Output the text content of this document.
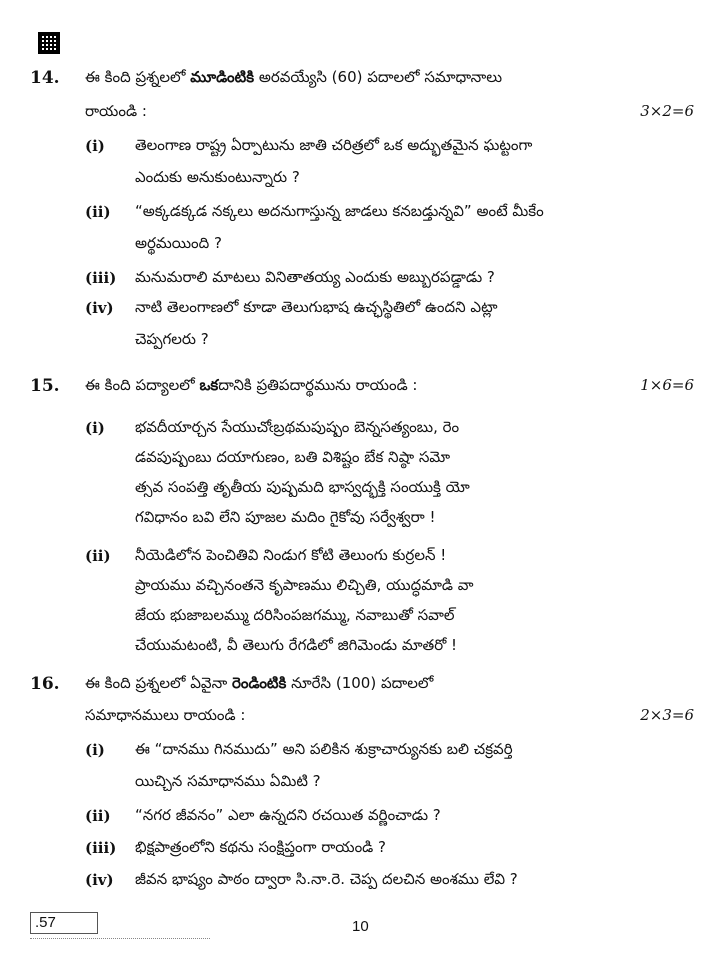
14. ఈ కింది ప్రశ్నలలో మూడింటికి అరవయ్యేసి (60) పదాలలో సమాధానాలు
రాయండి :	3×2=6
(i) తెలంగాణ రాష్ట్ర ఏర్పాటును జాతి చరిత్రలో ఒక అద్భుతమైన ఘట్టంగా
ఎందుకు అనుకుంటున్నారు ?
(ii) “అక్కడక్కడ నక్కలు అదనుగాస్తున్న జాడలు కనబడ్తున్నవి” అంటే మీకేం
అర్థమయింది ?
(iii) మనుమరాలి మాటలు వినితాతయ్య ఎందుకు అబ్బురపడ్డాడు ?
(iv) నాటి తెలంగాణలో కూడా తెలుగుభాష ఉచ్ఛస్థితిలో ఉందని ఎట్లా
చెప్పగలరు ?
15. ఈ కింది పద్యాలలో ఒకదానికి ప్రతిపదార్థమును రాయండి :	1×6=6
(i) భవదీయార్చన సేయుచోఁబ్రథమపుష్పం బెన్నసత్యంబు, రెం
డవపుష్పంబు దయాగుణం, బతి విశిష్టం బేక నిష్ఠా సమో
త్సవ సంపత్తి తృతీయ పుష్పమది భాస్వద్భక్తి సంయుక్తి యో
గవిధానం బవి లేని పూజల మదిం గైకోవు సర్వేశ్వరా !
(ii) నీయెడిలోన పెంచితివి నిండుగ కోటి తెలుంగు కుర్రలన్ !
ప్రాయము వచ్చినంతనె కృపాణము లిచ్చితి, యుద్ధమాడి వా
జేయ భుజాబలమ్ము దరిసింపజగమ్ము, నవాబుతో సవాల్
చేయుమటంటి, వీ తెలుగు రేగడిలో జిగిమెండు మాతరో !
16. ఈ కింది ప్రశ్నలలో ఏవైనా రెండింటికి నూరేసి (100) పదాలలో
సమాధానములు రాయండి :	2×3=6
(i) ఈ “దానము గినముదు” అని పలికిన శుక్రాచార్యునకు బలి చక్రవర్తి
యిచ్చిన సమాధానము ఏమిటి ?
(ii) “నగర జీవనం” ఎలా ఉన్నదని రచయిత వర్ణించాడు ?
(iii) భిక్షపాత్రంలోని కథను సంక్షిప్తంగా రాయండి ?
(iv) జీవన భాష్యం పాఠం ద్వారా సి.నా.రె. చెప్ప దలచిన అంశము లేవి ?
.57	10
